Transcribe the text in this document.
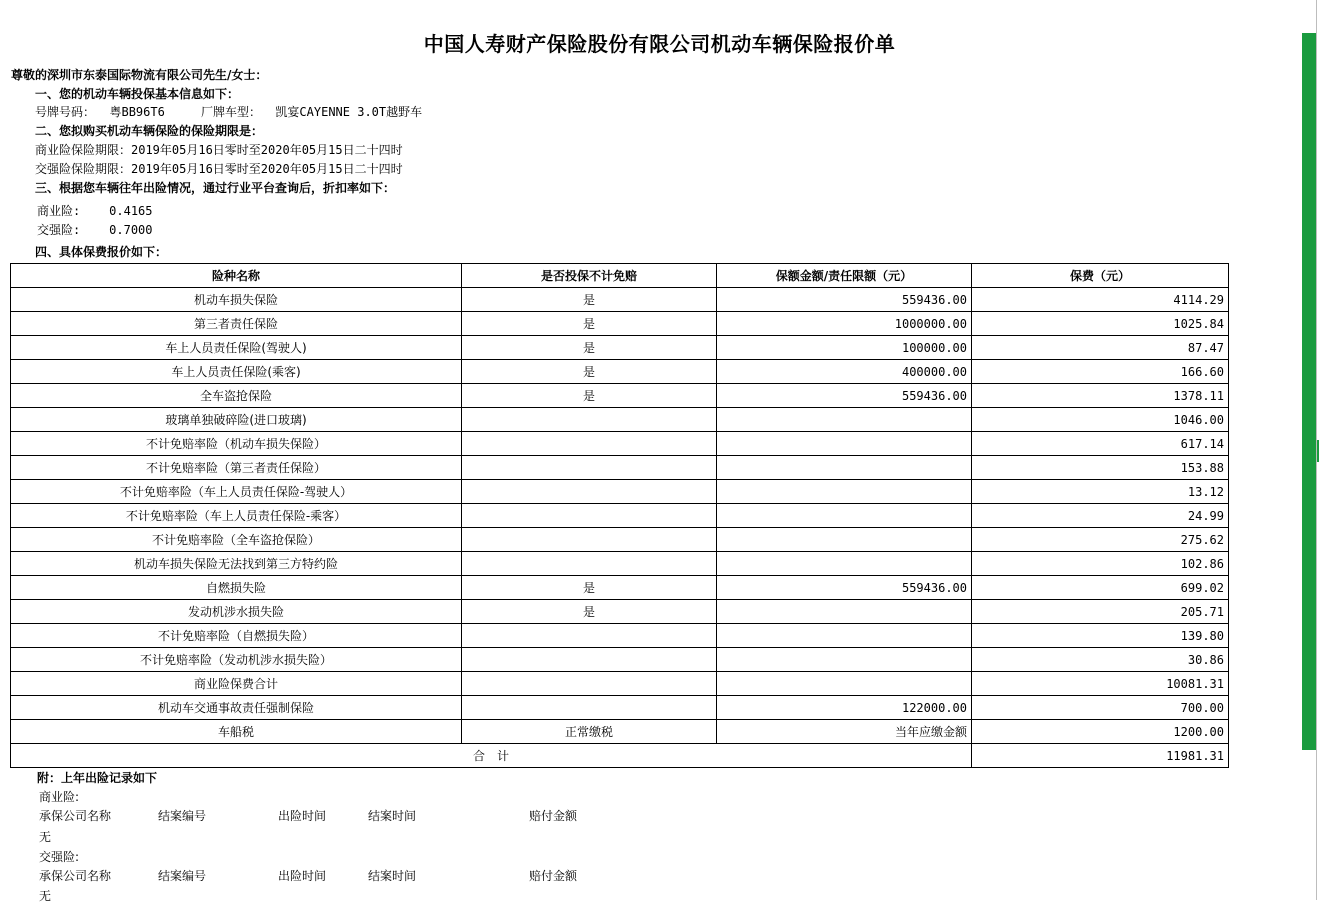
中国人寿财产保险股份有限公司机动车辆保险报价单
尊敬的深圳市东泰国际物流有限公司先生/女士：
一、您的机动车辆投保基本信息如下：
号牌号码： 粤BB96T6	厂牌车型： 凯宴CAYENNE 3.0T越野车
二、您拟购买机动车辆保险的保险期限是：
商业险保险期限：2019年05月16日零时至2020年05月15日二十四时
交强险保险期限：2019年05月16日零时至2020年05月15日二十四时
三、根据您车辆往年出险情况，通过行业平台查询后，折扣率如下：
商业险: 0.4165
交强险: 0.7000
四、具体保费报价如下：
险种名称	是否投保不计免赔	保额金额/责任限额（元）	保费（元）
机动车损失保险	是	559436.00	4114.29
第三者责任保险	是	1000000.00	1025.84
车上人员责任保险(驾驶人)	是	100000.00	87.47
车上人员责任保险(乘客)	是	400000.00	166.60
全车盗抢保险	是	559436.00	1378.11
玻璃单独破碎险(进口玻璃)			1046.00
不计免赔率险（机动车损失保险）			617.14
不计免赔率险（第三者责任保险）			153.88
不计免赔率险（车上人员责任保险-驾驶人）			13.12
不计免赔率险（车上人员责任保险-乘客）			24.99
不计免赔率险（全车盗抢保险）			275.62
机动车损失保险无法找到第三方特约险			102.86
自燃损失险	是	559436.00	699.02
发动机涉水损失险	是		205.71
不计免赔率险（自燃损失险）			139.80
不计免赔率险（发动机涉水损失险）			30.86
商业险保费合计			10081.31
机动车交通事故责任强制保险		122000.00	700.00
车船税	正常缴税	当年应缴金额	1200.00
合　计			11981.31
附：上年出险记录如下
商业险:
承保公司名称	结案编号	出险时间	结案时间	赔付金额
无
交强险:
承保公司名称	结案编号	出险时间	结案时间	赔付金额
无
